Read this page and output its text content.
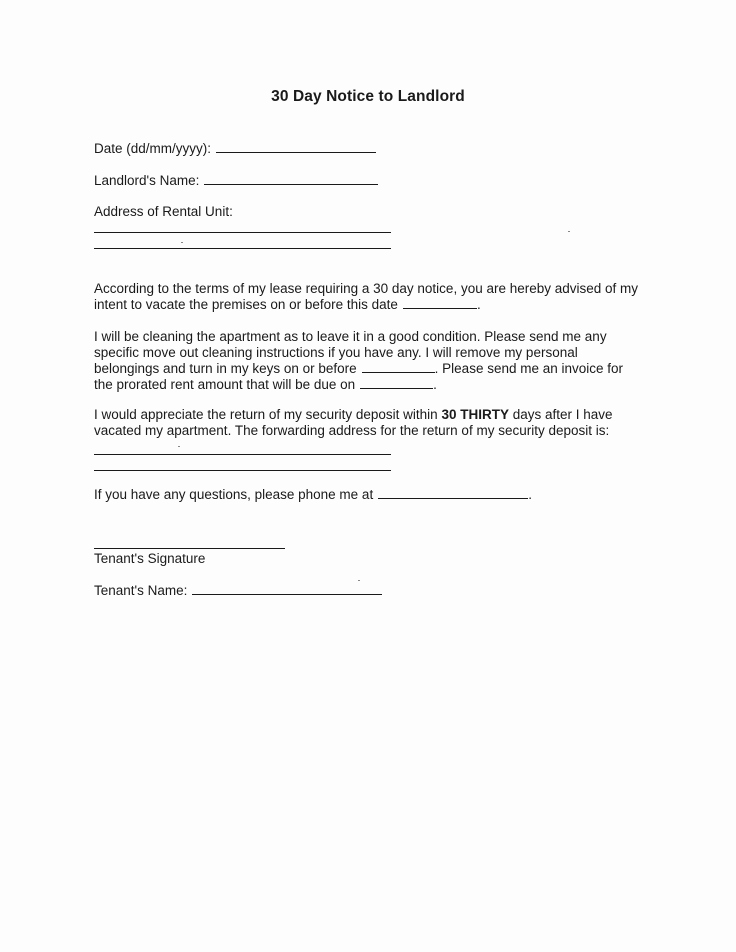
30 Day Notice to Landlord
Date (dd/mm/yyyy):
Landlord's Name:
Address of Rental Unit:
According to the terms of my lease requiring a 30 day notice, you are hereby advised of my
intent to vacate the premises on or before this date	.
I will be cleaning the apartment as to leave it in a good condition. Please send me any
specific move out cleaning instructions if you have any. I will remove my personal
belongings and turn in my keys on or before	. Please send me an invoice for
the prorated rent amount that will be due on	.
I would appreciate the return of my security deposit within 30 THIRTY days after I have
vacated my apartment. The forwarding address for the return of my security deposit is:
If you have any questions, please phone me at	.
Tenant's Signature
Tenant's Name:
